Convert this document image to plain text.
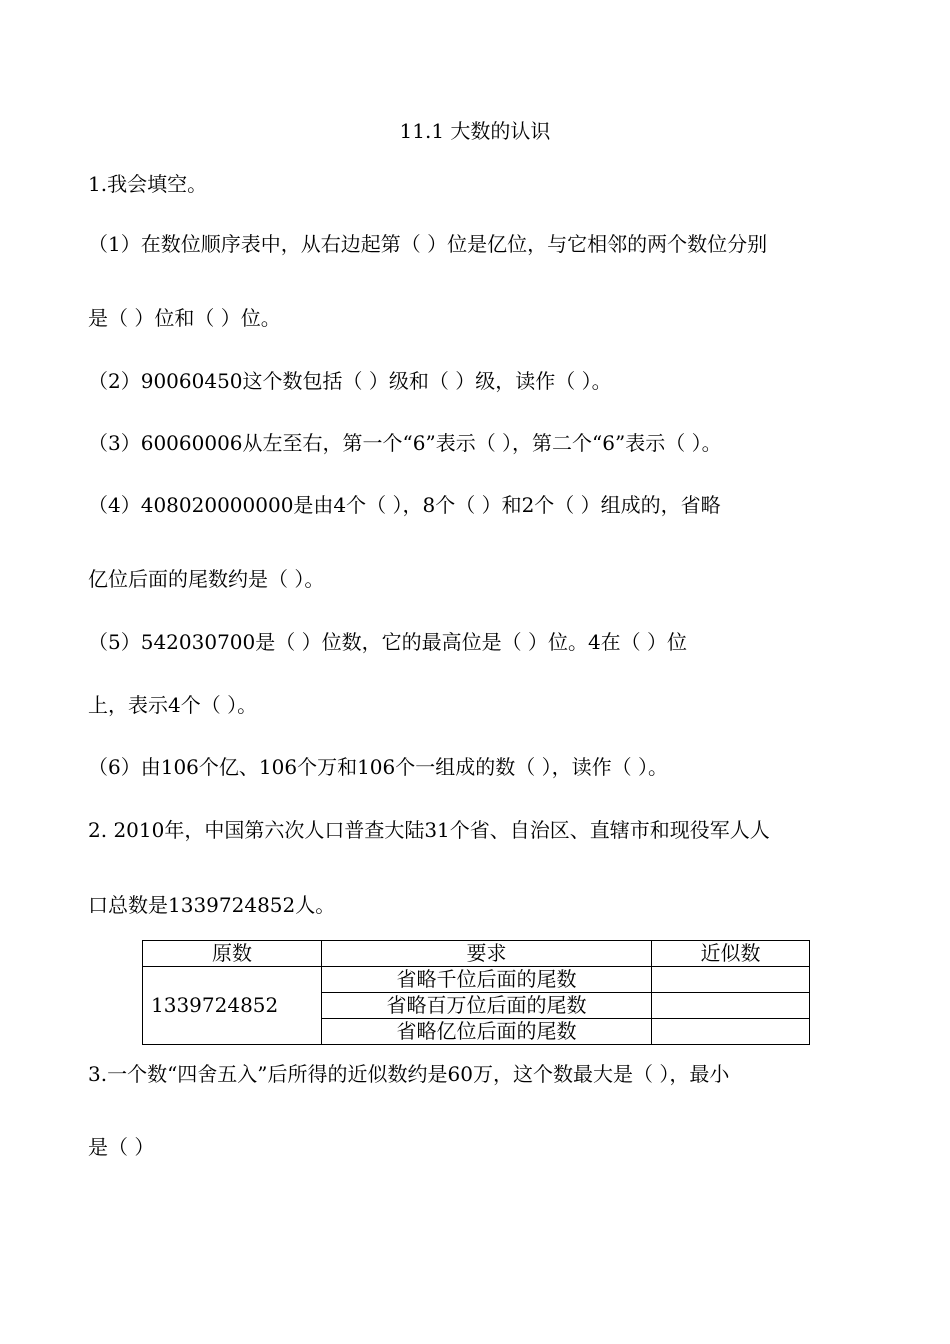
11.1 大数的认识
1.我会填空。
（1）在数位顺序表中，从右边起第（ ）位是亿位，与它相邻的两个数位分别
是（ ）位和（ ）位。
（2）90060450这个数包括（ ）级和（ ）级，读作（ ）。
（3）60060006从左至右，第一个“6”表示（ ），第二个“6”表示（ ）。
（4）408020000000是由4个（ ），8个（ ）和2个（ ）组成的，省略
亿位后面的尾数约是（ ）。
（5）542030700是（ ）位数，它的最高位是（ ）位。4在（ ）位
上，表示4个（ ）。
（6）由106个亿、106个万和106个一组成的数（ ），读作（ ）。
2. 2010年，中国第六次人口普查大陆31个省、自治区、直辖市和现役军人人
口总数是1339724852人。
原数	要求	近似数
1339724852	省略千位后面的尾数	
	省略百万位后面的尾数	
	省略亿位后面的尾数	
3.一个数“四舍五入”后所得的近似数约是60万，这个数最大是（ ），最小
是（ ）
